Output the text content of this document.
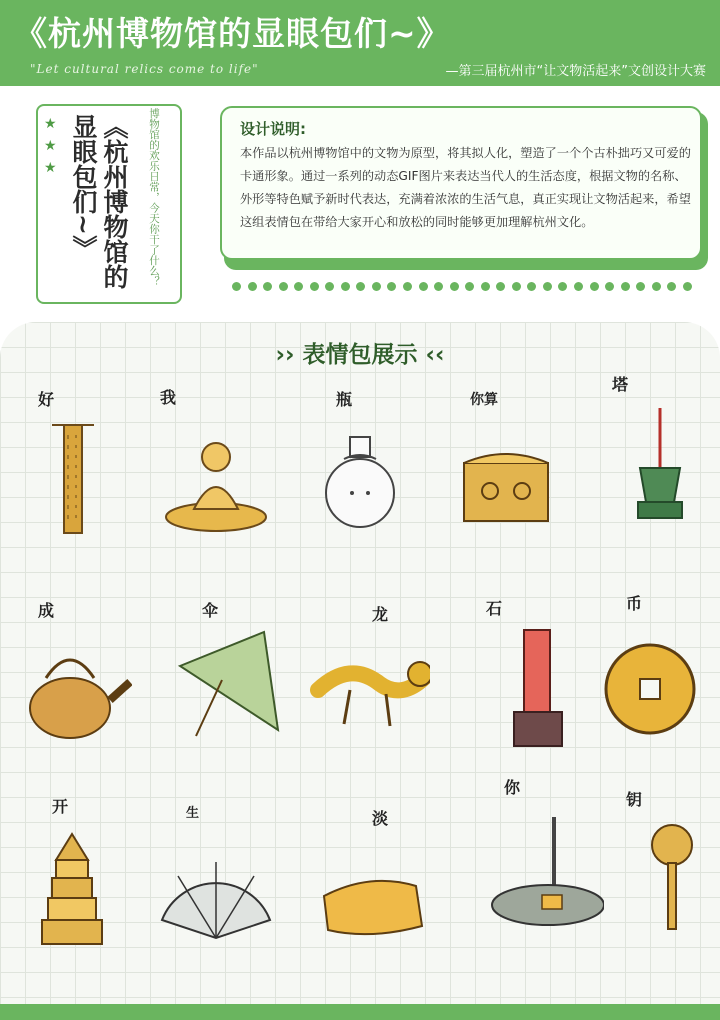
《杭州博物馆的显眼包们~》
"Let cultural relics come to life"	—第三届杭州市“让文物活起来”文创设计大赛
★
★
★	《杭州博物馆的显眼包们~》	博物馆的欢乐日常，今天你干了什么？	设计说明:
本作品以杭州博物馆中的文物为原型，将其拟人化，塑造了一个个古朴拙巧又可爱的卡通形象。通过一系列的动态GIF图片来表达当代人的生活态度，根据文物的名称、外形等特色赋予新时代表达，充满着浓浓的生活气息，真正实现让文物活起来，希望这组表情包在带给大家开心和放松的同时能够更加理解杭州文化。
›› 表情包展示 ‹‹
好	我	瓶	你算
塔
成	伞	龙	石	币
开	生	淡
你
钥
